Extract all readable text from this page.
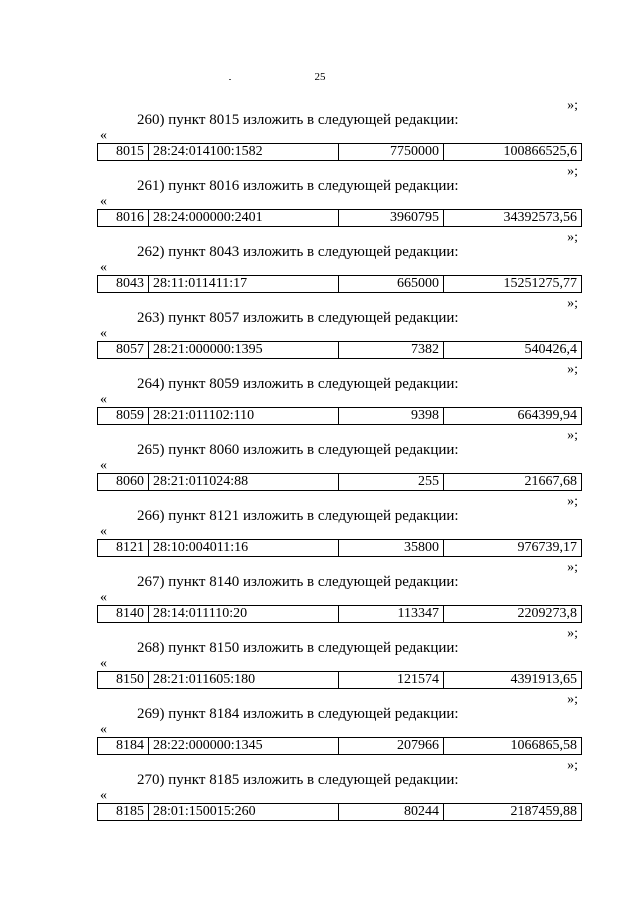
25
»;
260) пункт 8015 изложить в следующей редакции:
«
8015	28:24:014100:1582	7750000	100866525,6
»;
261) пункт 8016 изложить в следующей редакции:
«
8016	28:24:000000:2401	3960795	34392573,56
»;
262) пункт 8043 изложить в следующей редакции:
«
8043	28:11:011411:17	665000	15251275,77
»;
263) пункт 8057 изложить в следующей редакции:
«
8057	28:21:000000:1395	7382	540426,4
»;
264) пункт 8059 изложить в следующей редакции:
«
8059	28:21:011102:110	9398	664399,94
»;
265) пункт 8060 изложить в следующей редакции:
«
8060	28:21:011024:88	255	21667,68
»;
266) пункт 8121 изложить в следующей редакции:
«
8121	28:10:004011:16	35800	976739,17
»;
267) пункт 8140 изложить в следующей редакции:
«
8140	28:14:011110:20	113347	2209273,8
»;
268) пункт 8150 изложить в следующей редакции:
«
8150	28:21:011605:180	121574	4391913,65
»;
269) пункт 8184 изложить в следующей редакции:
«
8184	28:22:000000:1345	207966	1066865,58
»;
270) пункт 8185 изложить в следующей редакции:
«
8185	28:01:150015:260	80244	2187459,88
